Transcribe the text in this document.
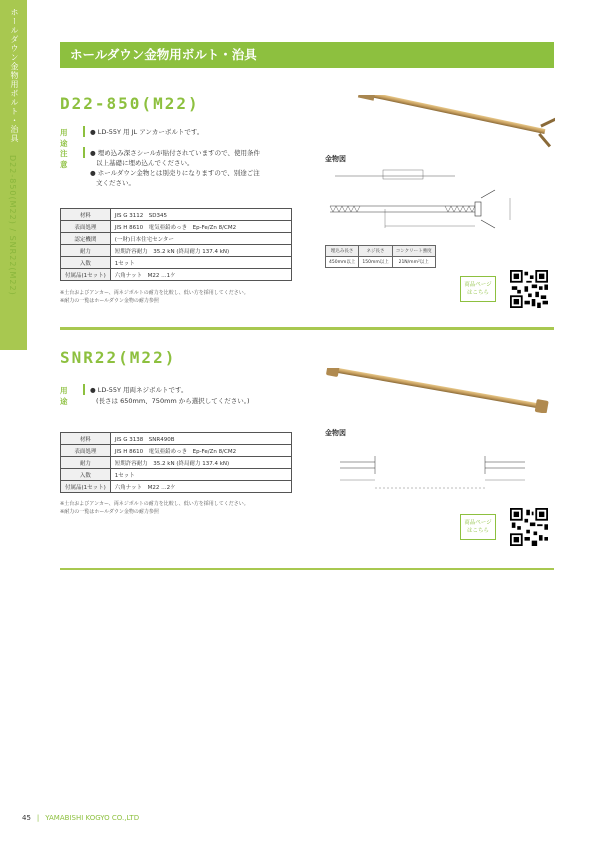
ホールダウン金物用ボルト・治具
D22-850(M22) / SNR22(M22)
ホールダウン金物用ボルト・治具
D22-850(M22)
用途
● LD-55Y 用 JL アンカーボルトです。
注意
● 埋め込み深さシールが貼付されていますので、使用条件
以上基礎に埋め込んでください。
● ホールダウン金物とは別売りになりますので、別途ご注
文ください。
材料	JIS G 3112　SD345
表面処理	JIS H 8610　電気亜鉛めっき　Ep-Fe/Zn 8/CM2
認定機関	(一財)日本住宅センター
耐力	短期許容耐力　35.2 kN (終局耐力 137.4 kN)
入数	1セット
付属品(1セット)	六角ナット　M22 …1ケ
※土台およびアンカー、両ネジボルトの耐力を比較し、低い方を採用してください。
※耐力の一覧はホールダウン金物の耐力参照
金物図
埋込み長さ	ネジ長さ	コンクリート強度
450mm以上	150mm以上	21N/mm²以上
商品ページ はこちら
SNR22(M22)
用途
● LD-55Y 用両ネジボルトです。
(長さは 650mm、750mm から選択してください。)
材料	JIS G 3138　SNR490B
表面処理	JIS H 8610　電気亜鉛めっき　Ep-Fe/Zn 8/CM2
耐力	短期許容耐力　35.2 kN (終局耐力 137.4 kN)
入数	1セット
付属品(1セット)	六角ナット　M22 …2ケ
※土台およびアンカー、両ネジボルトの耐力を比較し、低い方を採用してください。
※耐力の一覧はホールダウン金物の耐力参照
金物図
商品ページ はこちら
45 | YAMABISHI KOGYO CO.,LTD
